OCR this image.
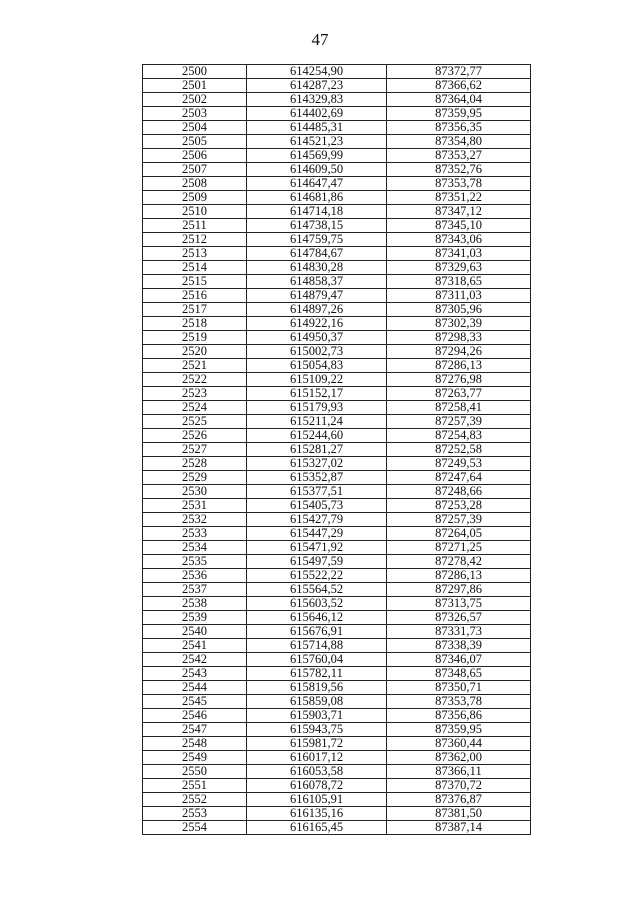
47
2500	614254,90	87372,77
2501	614287,23	87366,62
2502	614329,83	87364,04
2503	614402,69	87359,95
2504	614485,31	87356,35
2505	614521,23	87354,80
2506	614569,99	87353,27
2507	614609,50	87352,76
2508	614647,47	87353,78
2509	614681,86	87351,22
2510	614714,18	87347,12
2511	614738,15	87345,10
2512	614759,75	87343,06
2513	614784,67	87341,03
2514	614830,28	87329,63
2515	614858,37	87318,65
2516	614879,47	87311,03
2517	614897,26	87305,96
2518	614922,16	87302,39
2519	614950,37	87298,33
2520	615002,73	87294,26
2521	615054,83	87286,13
2522	615109,22	87276,98
2523	615152,17	87263,77
2524	615179,93	87258,41
2525	615211,24	87257,39
2526	615244,60	87254,83
2527	615281,27	87252,58
2528	615327,02	87249,53
2529	615352,87	87247,64
2530	615377,51	87248,66
2531	615405,73	87253,28
2532	615427,79	87257,39
2533	615447,29	87264,05
2534	615471,92	87271,25
2535	615497,59	87278,42
2536	615522,22	87286,13
2537	615564,52	87297,86
2538	615603,52	87313,75
2539	615646,12	87326,57
2540	615676,91	87331,73
2541	615714,88	87338,39
2542	615760,04	87346,07
2543	615782,11	87348,65
2544	615819,56	87350,71
2545	615859,08	87353,78
2546	615903,71	87356,86
2547	615943,75	87359,95
2548	615981,72	87360,44
2549	616017,12	87362,00
2550	616053,58	87366,11
2551	616078,72	87370,72
2552	616105,91	87376,87
2553	616135,16	87381,50
2554	616165,45	87387,14
